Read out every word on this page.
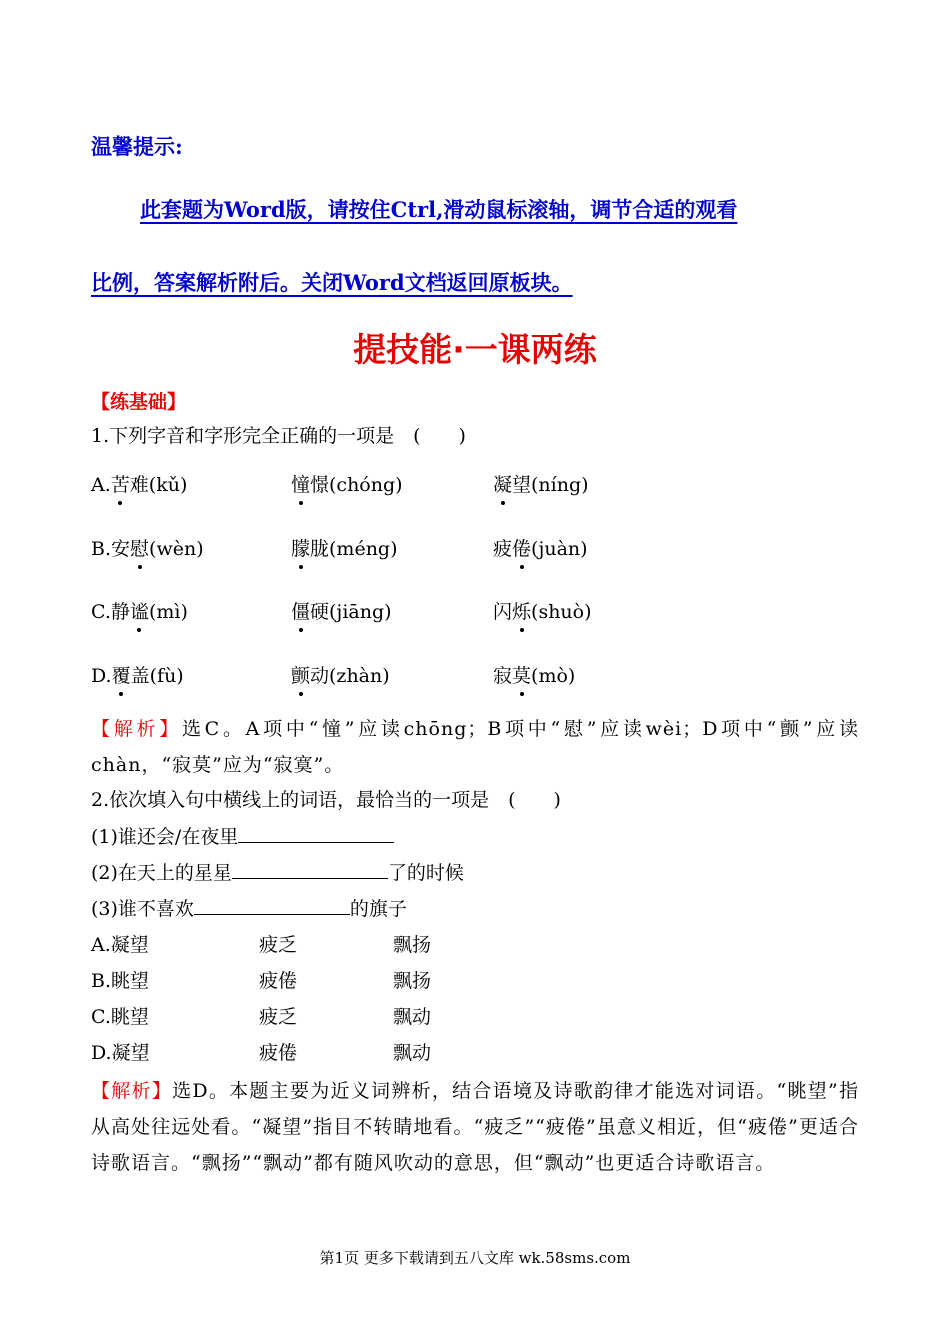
温馨提示:
此套题为Word版，请按住Ctrl,滑动鼠标滚轴，调节合适的观看
比例，答案解析附后。关闭Word文档返回原板块。
提技能·一课两练
【练基础】
1.下列字音和字形完全正确的一项是　(　　)
A.苦难(kǔ)	憧憬(chóng)	凝望(níng)
B.安慰(wèn)	朦胧(méng)	疲倦(juàn)
C.静谧(mì)	僵硬(jiāng)	闪烁(shuò)
D.覆盖(fù)	颤动(zhàn)	寂莫(mò)
【解析】选C。A项中“憧”应读chōng；B项中“慰”应读wèi；D项中“颤”应读chàn，“寂莫”应为“寂寞”。
2.依次填入句中横线上的词语，最恰当的一项是　(　　)
(1)谁还会/在夜里
(2)在天上的星星	了的时候
(3)谁不喜欢	的旗子
A.凝望	疲乏	飘扬
B.眺望	疲倦	飘扬
C.眺望	疲乏	飘动
D.凝望	疲倦	飘动
【解析】选D。本题主要为近义词辨析，结合语境及诗歌韵律才能选对词语。“眺望”指从高处往远处看。“凝望”指目不转睛地看。“疲乏”“疲倦”虽意义相近，但“疲倦”更适合诗歌语言。“飘扬”“飘动”都有随风吹动的意思，但“飘动”也更适合诗歌语言。
第1页 更多下载请到五八文库 wk.58sms.com
